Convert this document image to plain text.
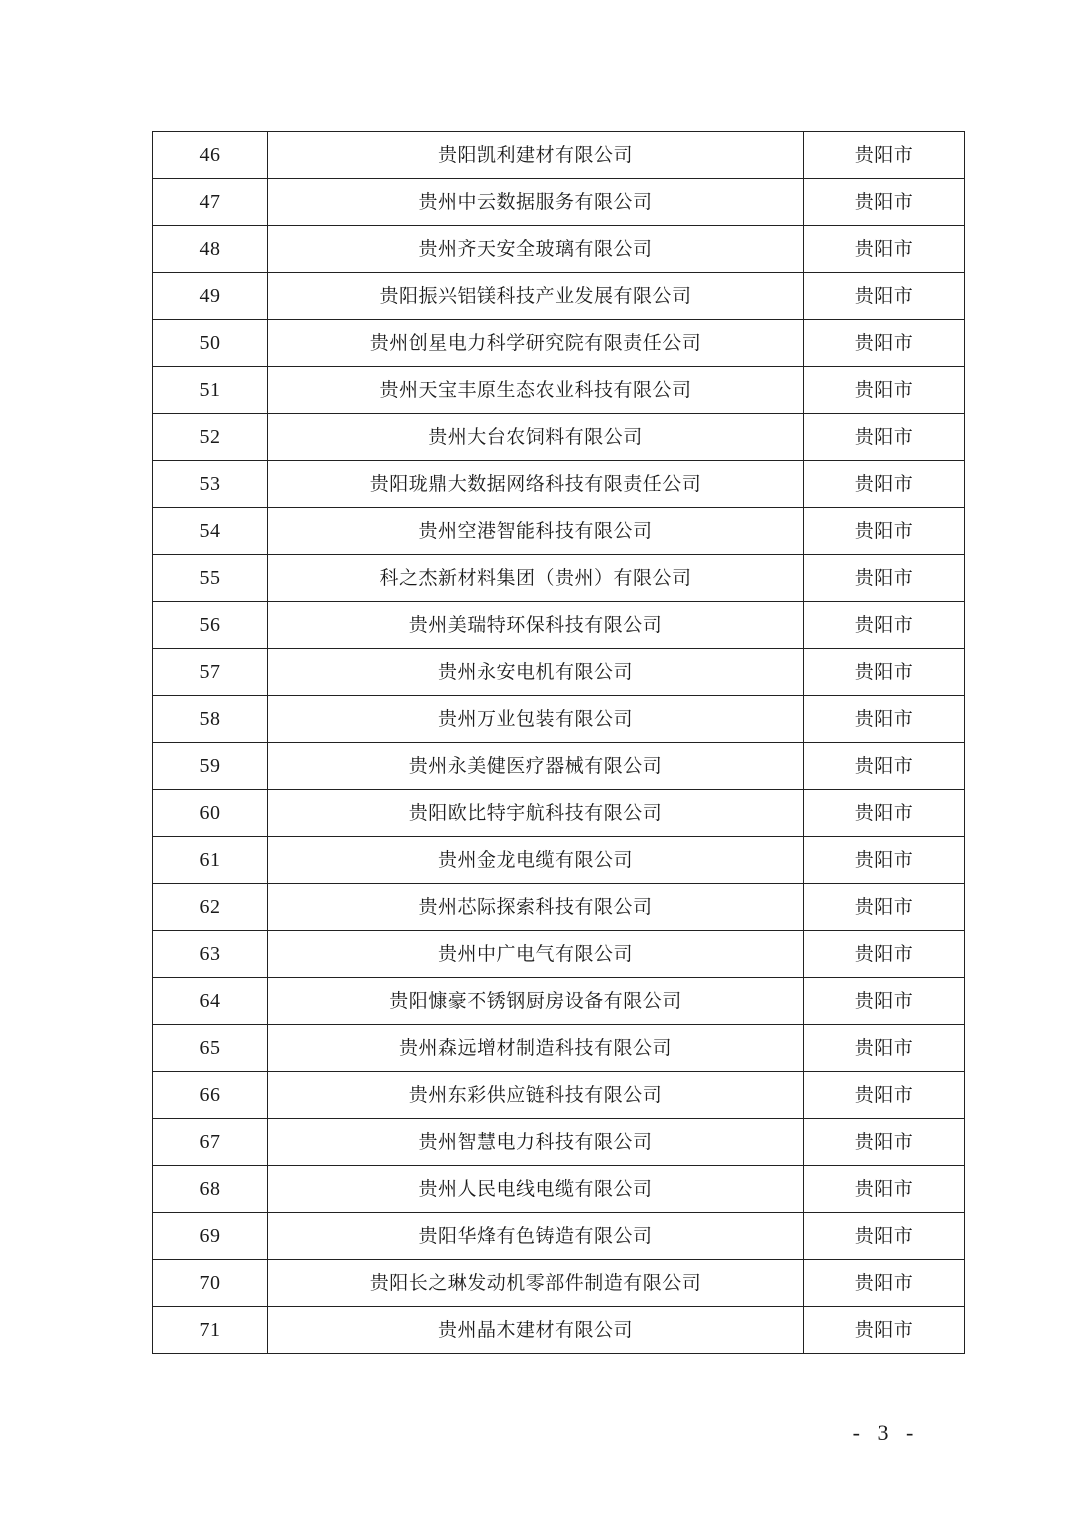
46	贵阳凯利建材有限公司	贵阳市
47	贵州中云数据服务有限公司	贵阳市
48	贵州齐天安全玻璃有限公司	贵阳市
49	贵阳振兴铝镁科技产业发展有限公司	贵阳市
50	贵州创星电力科学研究院有限责任公司	贵阳市
51	贵州天宝丰原生态农业科技有限公司	贵阳市
52	贵州大台农饲料有限公司	贵阳市
53	贵阳珑鼎大数据网络科技有限责任公司	贵阳市
54	贵州空港智能科技有限公司	贵阳市
55	科之杰新材料集团（贵州）有限公司	贵阳市
56	贵州美瑞特环保科技有限公司	贵阳市
57	贵州永安电机有限公司	贵阳市
58	贵州万业包装有限公司	贵阳市
59	贵州永美健医疗器械有限公司	贵阳市
60	贵阳欧比特宇航科技有限公司	贵阳市
61	贵州金龙电缆有限公司	贵阳市
62	贵州芯际探索科技有限公司	贵阳市
63	贵州中广电气有限公司	贵阳市
64	贵阳慷豪不锈钢厨房设备有限公司	贵阳市
65	贵州森远增材制造科技有限公司	贵阳市
66	贵州东彩供应链科技有限公司	贵阳市
67	贵州智慧电力科技有限公司	贵阳市
68	贵州人民电线电缆有限公司	贵阳市
69	贵阳华烽有色铸造有限公司	贵阳市
70	贵阳长之琳发动机零部件制造有限公司	贵阳市
71	贵州晶木建材有限公司	贵阳市
- 3 -
